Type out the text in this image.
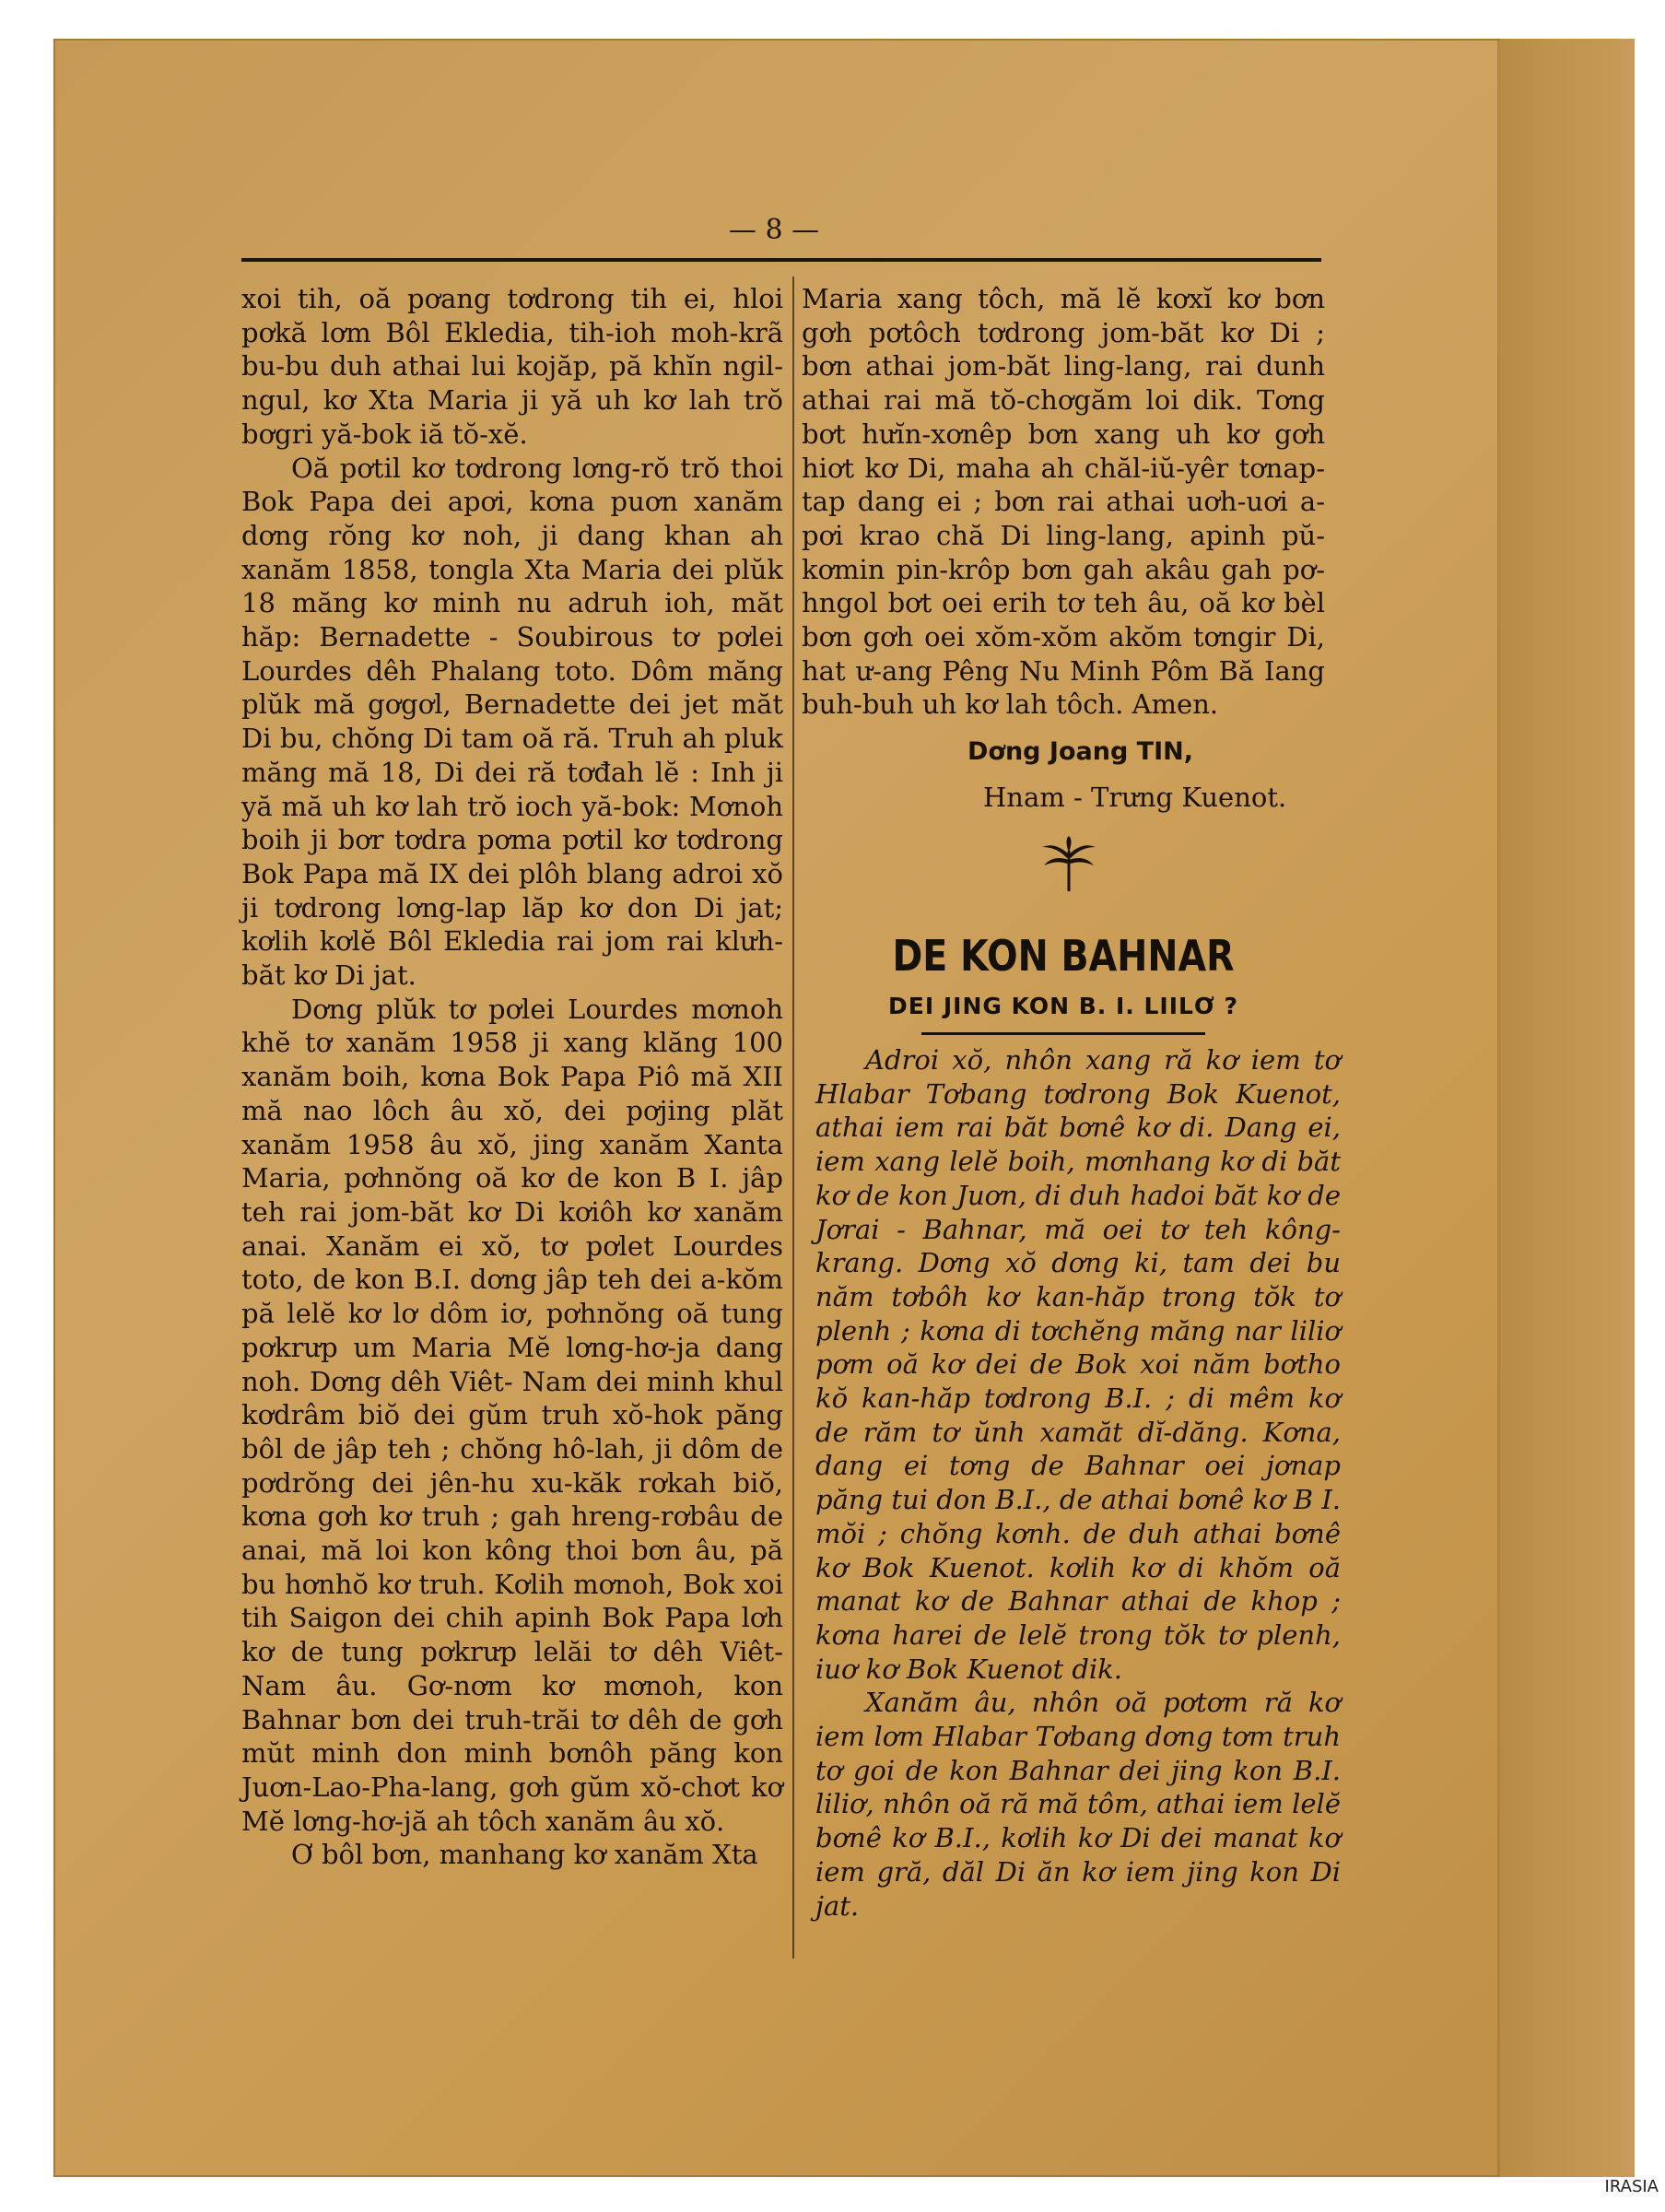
— 8 —

xoi tih, oă pơang tơdrong tih ei, hloi pơkă lơm Bôl Ekledia, tih-ioh moh-krã bu-bu duh athai lui kojăp, pă khĭn ngil-ngul, kơ Xta Maria ji yă uh kơ lah trŏ bơgri yă-bok iă tŏ-xĕ.

Oă pơtil kơ tơdrong lơng-rŏ trŏ thoi Bok Papa dei apơi, kơna puơn xanăm dơng rŏng kơ noh, ji dang khan ah xanăm 1858, tongla Xta Maria dei plŭk 18 măng kơ minh nu adruh ioh, măt hăp: Bernadette - Soubirous tơ pơlei Lourdes dêh Phalang toto. Dôm măng plŭk mă gơgơl, Bernadette dei jet măt Di bu, chŏng Di tam oă ră. Truh ah pluk măng mă 18, Di dei ră tơđah lĕ : Inh ji yă mă uh kơ lah trŏ ioch yă-bok: Mơnoh boih ji bơr tơdra pơma pơtil kơ tơdrong Bok Papa mă IX dei plôh blang adroi xŏ ji tơdrong lơng-lap lăp kơ don Di jat; kơlih kơlĕ Bôl Ekledia rai jom rai klưh-băt kơ Di jat.

Dơng plŭk tơ pơlei Lourdes mơnoh khĕ tơ xanăm 1958 ji xang klăng 100 xanăm boih, kơna Bok Papa Piô mă XII mă nao lôch âu xŏ, dei pơjing plăt xanăm 1958 âu xŏ, jing xanăm Xanta Maria, pơhnŏng oă kơ de kon B I. jâp teh rai jom-băt kơ Di kơiôh kơ xanăm anai. Xanăm ei xŏ, tơ pơlet Lourdes toto, de kon B.I. dơng jâp teh dei a-kŏm pă lelĕ kơ lơ dôm iơ, pơhnŏng oă tung pơkrưp um Maria Mĕ lơng-hơ-ja dang noh. Dơng dêh Viêt- Nam dei minh khul kơdrâm biŏ dei gŭm truh xŏ-hok păng bôl de jâp teh ; chŏng hô-lah, ji dôm de pơdrŏng dei jên-hu xu-kăk rơkah biŏ, kơna gơh kơ truh ; gah hreng-rơbâu de anai, mă loi kon kông thoi bơn âu, pă bu hơnhŏ kơ truh. Kơlih mơnoh, Bok xoi tih Saigon dei chih apinh Bok Papa lơh kơ de tung pơkrưp lelăi tơ dêh Viêt-Nam âu. Gơ-nơm kơ mơnoh, kon Bahnar bơn dei truh-trăi tơ dêh de gơh mŭt minh don minh bơnôh păng kon Juơn-Lao-Pha-lang, gơh gŭm xŏ-chơt kơ Mĕ lơng-hơ-jă ah tôch xanăm âu xŏ.

Ơ bôl bơn, manhang kơ xanăm Xta

Maria xang tôch, mă lĕ kơxĭ kơ bơn gơh pơtôch tơdrong jom-băt kơ Di ; bơn athai jom-băt ling-lang, rai dunh athai rai mă tŏ-chơgăm loi dik. Tơng bơt hưĭn-xơnêp bơn xang uh kơ gơh hiơt kơ Di, maha ah chăl-iŭ-yêr tơnap-tap dang ei ; bơn rai athai uơh-uơi a-pơi krao chă Di ling-lang, apinh pŭ-kơmin pin-krôp bơn gah akâu gah pơ-hngol bơt oei erih tơ teh âu, oă kơ bèl bơn gơh oei xŏm-xŏm akŏm tơngir Di, hat ư-ang Pêng Nu Minh Pôm Bă Iang buh-buh uh kơ lah tôch. Amen.

Dơng Joang TIN,
Hnam - Trưng Kuenot.
DE KON BAHNAR
DEI JING KON B. I. LIILƠ ?

Adroi xŏ, nhôn xang ră kơ iem tơ Hlabar Tơbang tơdrong Bok Kuenot, athai iem rai băt bơnê kơ di. Dang ei, iem xang lelĕ boih, mơnhang kơ di băt kơ de kon Juơn, di duh hadoi băt kơ de Jơrai - Bahnar, mă oei tơ teh kông-krang. Dơng xŏ dơng ki, tam dei bu năm tơbôh kơ kan-hăp trong tŏk tơ plenh ; kơna di tơchĕng măng nar liliơ pơm oă kơ dei de Bok xoi năm bơtho kŏ kan-hăp tơdrong B.I. ; di mêm kơ de răm tơ ŭnh xamăt dĭ-dăng. Kơna, dang ei tơng de Bahnar oei jơnap păng tui don B.I., de athai bơnê kơ B I. mŏi ; chŏng kơnh. de duh athai bơnê kơ Bok Kuenot. kơlih kơ di khŏm oă manat kơ de Bahnar athai de khop ; kơna harei de lelĕ trong tŏk tơ plenh, iuơ kơ Bok Kuenot dik.

Xanăm âu, nhôn oă pơtơm ră kơ iem lơm Hlabar Tơbang dơng tơm truh tơ goi de kon Bahnar dei jing kon B.I. liliơ, nhôn oă ră mă tôm, athai iem lelĕ bơnê kơ B.I., kơlih kơ Di dei manat kơ iem gră, dăl Di ăn kơ iem jing kon Di jat.

IRASIA
